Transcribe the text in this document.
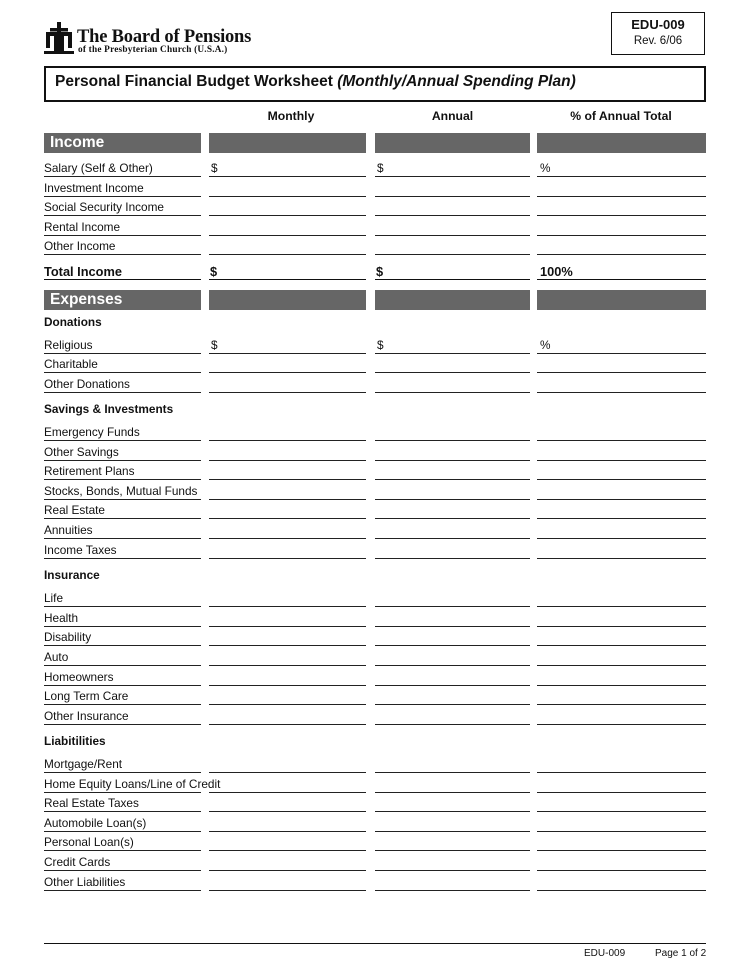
The Board of Pensions
of the Presbyterian Church (U.S.A.)
EDU-009
Rev. 6/06
Personal Financial Budget Worksheet (Monthly/Annual Spending Plan)
Monthly	Annual	% of Annual Total
Income
Salary (Self & Other)	$	$	%
Investment Income
Social Security Income
Rental Income
Other Income
Total Income	$	$	100%
Expenses
Donations
Religious	$	$	%
Charitable
Other Donations
Savings & Investments
Emergency Funds
Other Savings
Retirement Plans
Stocks, Bonds, Mutual Funds
Real Estate
Annuities
Income Taxes
Insurance
Life
Health
Disability
Auto
Homeowners
Long Term Care
Other Insurance
Liabitilities
Mortgage/Rent
Home Equity Loans/Line of Credit
Real Estate Taxes
Automobile Loan(s)
Personal Loan(s)
Credit Cards
Other Liabilities
EDU-009	Page 1 of 2
